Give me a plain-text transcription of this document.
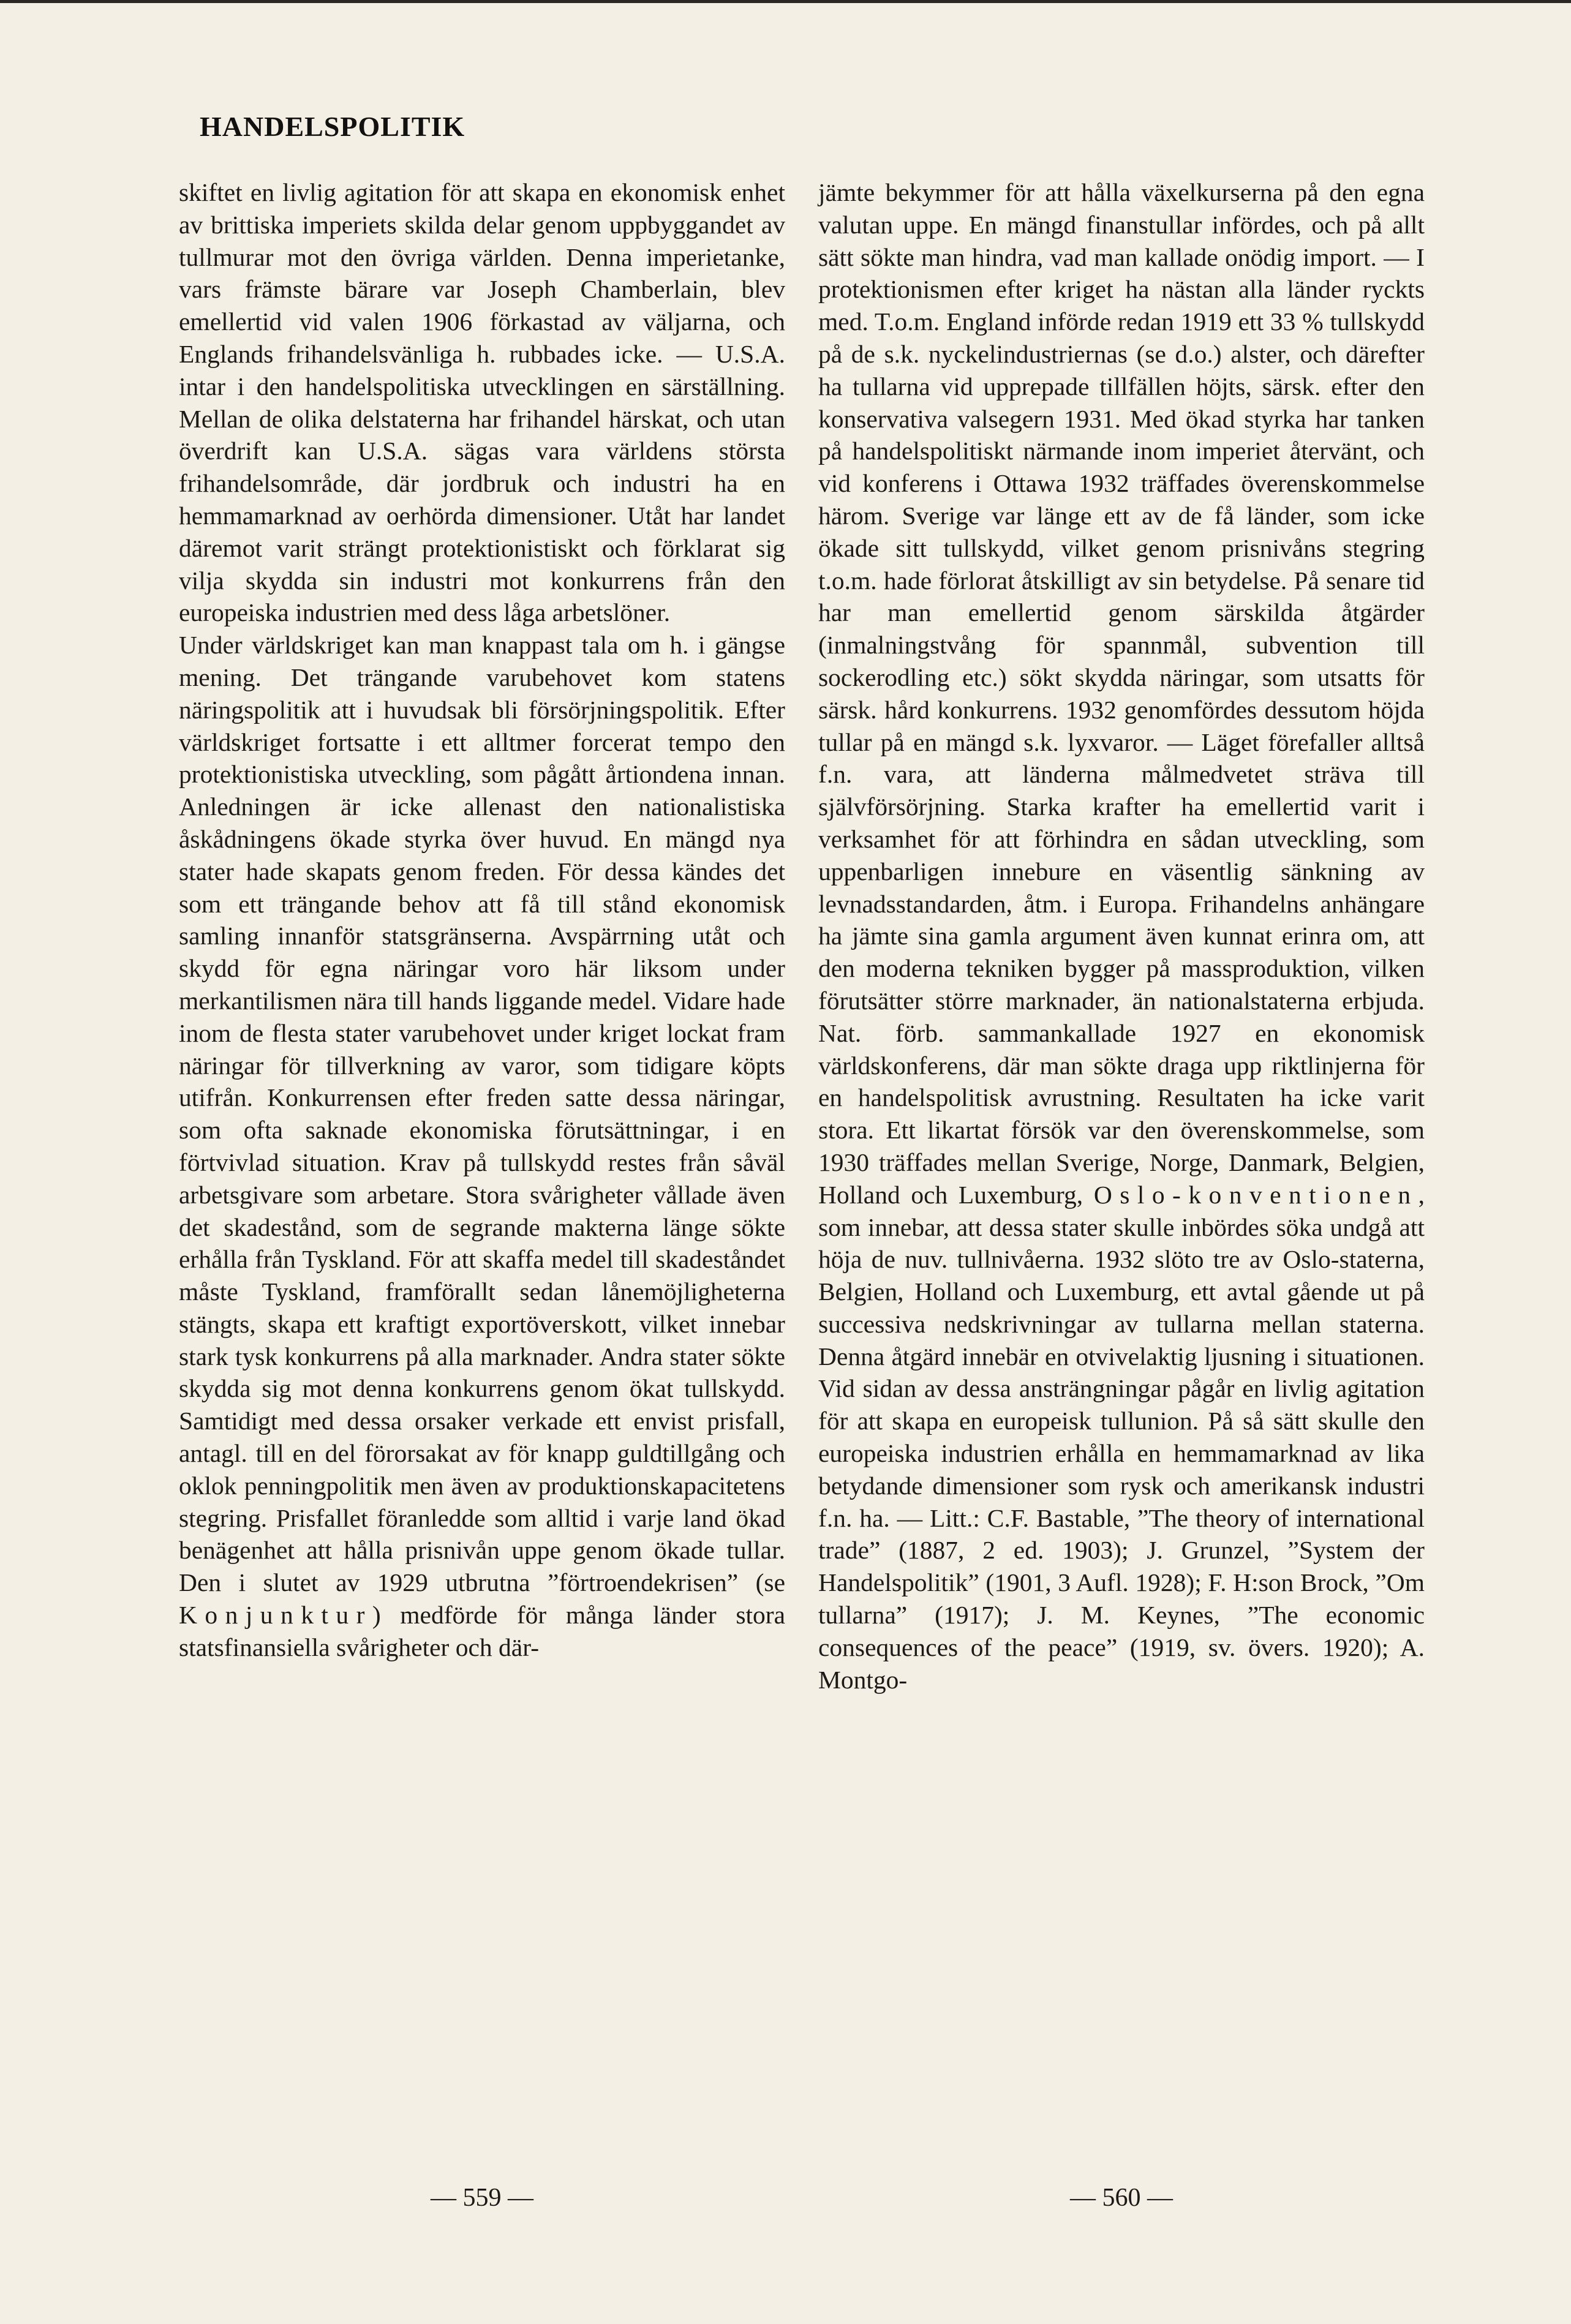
HANDELSPOLITIK

skiftet en livlig agitation för att skapa en ekonomisk enhet av brittiska imperiets skilda delar genom uppbyggandet av tullmurar mot den övriga världen. Denna imperietanke, vars främste bärare var Joseph Chamberlain, blev emellertid vid valen 1906 förkastad av väljarna, och Englands frihandelsvänliga h. rubbades icke. — U.S.A. intar i den handelspolitiska utvecklingen en särställning. Mellan de olika delstaterna har frihandel härskat, och utan överdrift kan U.S.A. sägas vara världens största frihandelsområde, där jordbruk och industri ha en hemmamarknad av oerhörda dimensioner. Utåt har landet däremot varit strängt protektionistiskt och förklarat sig vilja skydda sin industri mot konkurrens från den europeiska industrien med dess låga arbetslöner.

Under världskriget kan man knappast tala om h. i gängse mening. Det trängande varubehovet kom statens näringspolitik att i huvudsak bli försörjningspolitik. Efter världskriget fortsatte i ett alltmer forcerat tempo den protektionistiska utveckling, som pågått årtiondena innan. Anledningen är icke allenast den nationalistiska åskådningens ökade styrka över huvud. En mängd nya stater hade skapats genom freden. För dessa kändes det som ett trängande behov att få till stånd ekonomisk samling innanför statsgränserna. Avspärrning utåt och skydd för egna näringar voro här liksom under merkantilismen nära till hands liggande medel. Vidare hade inom de flesta stater varubehovet under kriget lockat fram näringar för tillverkning av varor, som tidigare köpts utifrån. Konkurrensen efter freden satte dessa näringar, som ofta saknade ekonomiska förutsättningar, i en förtvivlad situation. Krav på tullskydd restes från såväl arbetsgivare som arbetare. Stora svårigheter vållade även det skadestånd, som de segrande makterna länge sökte erhålla från Tyskland. För att skaffa medel till skadeståndet måste Tyskland, framförallt sedan lånemöjligheterna stängts, skapa ett kraftigt exportöverskott, vilket innebar stark tysk konkurrens på alla marknader. Andra stater sökte skydda sig mot denna konkurrens genom ökat tullskydd. Samtidigt med dessa orsaker verkade ett envist prisfall, antagl. till en del förorsakat av för knapp guldtillgång och oklok penningpolitik men även av produktionskapacitetens stegring. Prisfallet föranledde som alltid i varje land ökad benägenhet att hålla prisnivån uppe genom ökade tullar. Den i slutet av 1929 utbrutna ”förtroendekrisen” (se Konjunktur) medförde för många länder stora statsfinansiella svårigheter och där-

jämte bekymmer för att hålla växelkurserna på den egna valutan uppe. En mängd finanstullar infördes, och på allt sätt sökte man hindra, vad man kallade onödig import. — I protektionismen efter kriget ha nästan alla länder ryckts med. T.o.m. England införde redan 1919 ett 33 % tullskydd på de s.k. nyckelindustriernas (se d.o.) alster, och därefter ha tullarna vid upprepade tillfällen höjts, särsk. efter den konservativa valsegern 1931. Med ökad styrka har tanken på handelspolitiskt närmande inom imperiet återvänt, och vid konferens i Ottawa 1932 träffades överenskommelse härom. Sverige var länge ett av de få länder, som icke ökade sitt tullskydd, vilket genom prisnivåns stegring t.o.m. hade förlorat åtskilligt av sin betydelse. På senare tid har man emellertid genom särskilda åtgärder (inmalningstvång för spannmål, subvention till sockerodling etc.) sökt skydda näringar, som utsatts för särsk. hård konkurrens. 1932 genomfördes dessutom höjda tullar på en mängd s.k. lyxvaror. — Läget förefaller alltså f.n. vara, att länderna målmedvetet sträva till självförsörjning. Starka krafter ha emellertid varit i verksamhet för att förhindra en sådan utveckling, som uppenbarligen innebure en väsentlig sänkning av levnadsstandarden, åtm. i Europa. Frihandelns anhängare ha jämte sina gamla argument även kunnat erinra om, att den moderna tekniken bygger på massproduktion, vilken förutsätter större marknader, än nationalstaterna erbjuda. Nat. förb. sammankallade 1927 en ekonomisk världskonferens, där man sökte draga upp riktlinjerna för en handelspolitisk avrustning. Resultaten ha icke varit stora. Ett likartat försök var den överenskommelse, som 1930 träffades mellan Sverige, Norge, Danmark, Belgien, Holland och Luxemburg, Oslo-konventionen, som innebar, att dessa stater skulle inbördes söka undgå att höja de nuv. tullnivåerna. 1932 slöto tre av Oslo-staterna, Belgien, Holland och Luxemburg, ett avtal gående ut på successiva nedskrivningar av tullarna mellan staterna. Denna åtgärd innebär en otvivelaktig ljusning i situationen. Vid sidan av dessa ansträngningar pågår en livlig agitation för att skapa en europeisk tullunion. På så sätt skulle den europeiska industrien erhålla en hemmamarknad av lika betydande dimensioner som rysk och amerikansk industri f.n. ha. — Litt.: C.F. Bastable, ”The theory of international trade” (1887, 2 ed. 1903); J. Grunzel, ”System der Handelspolitik” (1901, 3 Aufl. 1928); F. H:son Brock, ”Om tullarna” (1917); J. M. Keynes, ”The economic consequences of the peace” (1919, sv. övers. 1920); A. Montgo-

— 559 —	— 560 —
